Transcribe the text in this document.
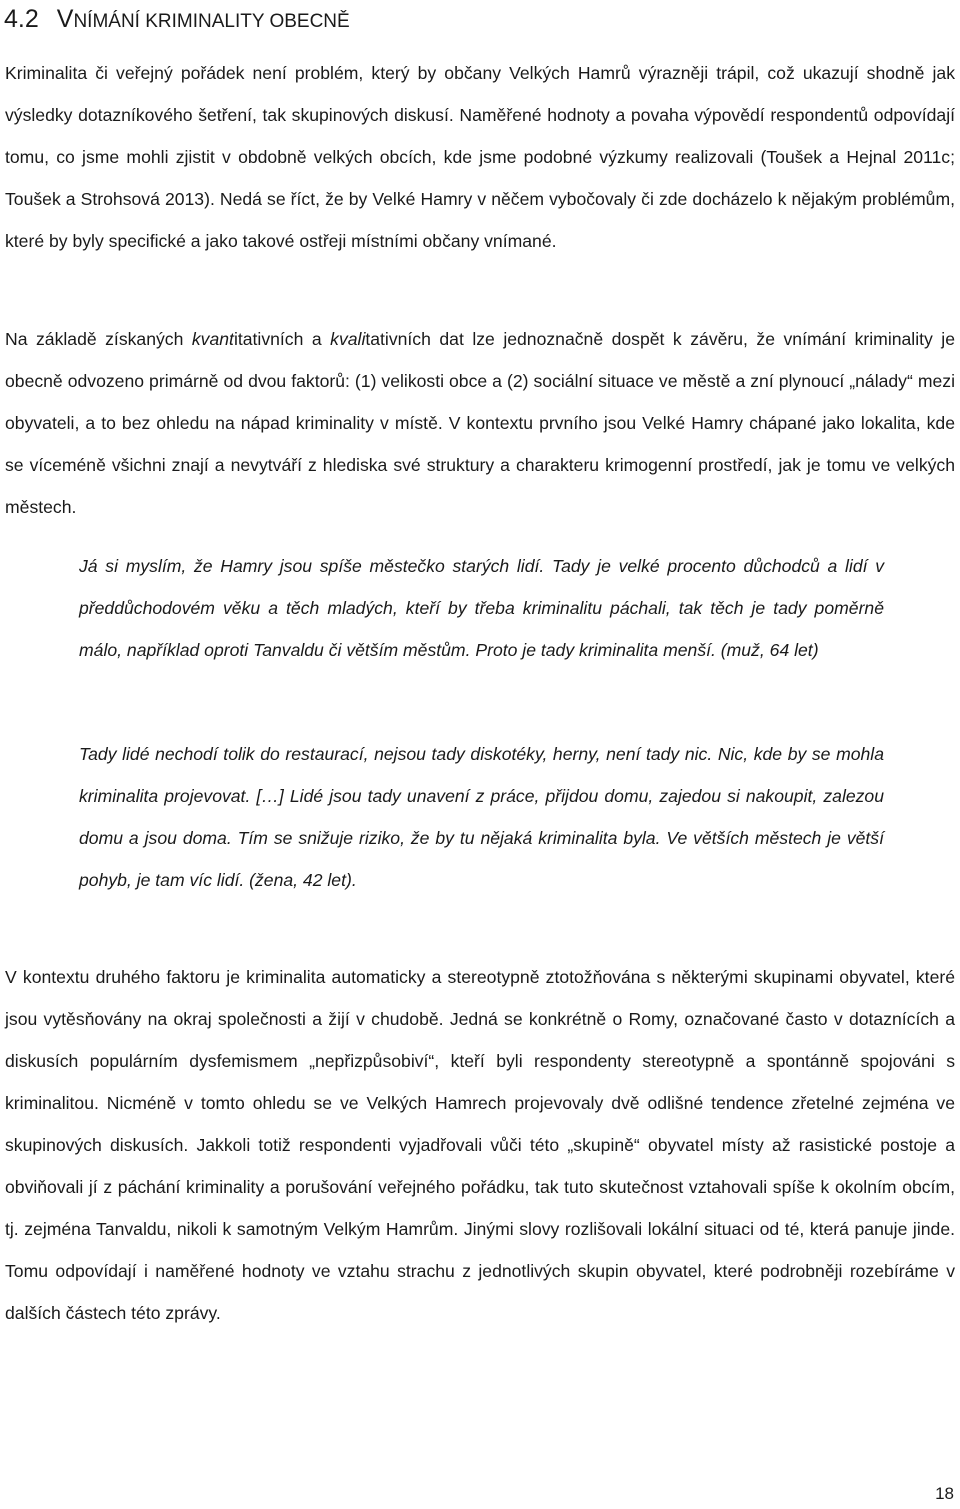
4.2 VNÍMÁNÍ KRIMINALITY OBECNĚ

Kriminalita či veřejný pořádek není problém, který by občany Velkých Hamrů výrazněji trápil, což ukazují shodně jak výsledky dotazníkového šetření, tak skupinových diskusí. Naměřené hodnoty a povaha výpovědí respondentů odpovídají tomu, co jsme mohli zjistit v obdobně velkých obcích, kde jsme podobné výzkumy realizovali (Toušek a Hejnal 2011c; Toušek a Strohsová 2013). Nedá se říct, že by Velké Hamry v něčem vybočovaly či zde docházelo k nějakým problémům, které by byly specifické a jako takové ostřeji místními občany vnímané.

Na základě získaných kvantitativních a kvalitativních dat lze jednoznačně dospět k závěru, že vnímání kriminality je obecně odvozeno primárně od dvou faktorů: (1) velikosti obce a (2) sociální situace ve městě a zní plynoucí „nálady“ mezi obyvateli, a to bez ohledu na nápad kriminality v místě. V kontextu prvního jsou Velké Hamry chápané jako lokalita, kde se víceméně všichni znají a nevytváří z hlediska své struktury a charakteru krimogenní prostředí, jak je tomu ve velkých městech.

Já si myslím, že Hamry jsou spíše městečko starých lidí. Tady je velké procento důchodců a lidí v předdůchodovém věku a těch mladých, kteří by třeba kriminalitu páchali, tak těch je tady poměrně málo, například oproti Tanvaldu či větším městům. Proto je tady kriminalita menší. (muž, 64 let)

Tady lidé nechodí tolik do restaurací, nejsou tady diskotéky, herny, není tady nic. Nic, kde by se mohla kriminalita projevovat. […] Lidé jsou tady unavení z práce, přijdou domu, zajedou si nakoupit, zalezou domu a jsou doma. Tím se snižuje riziko, že by tu nějaká kriminalita byla. Ve větších městech je větší pohyb, je tam víc lidí. (žena, 42 let).

V kontextu druhého faktoru je kriminalita automaticky a stereotypně ztotožňována s některými skupinami obyvatel, které jsou vytěsňovány na okraj společnosti a žijí v chudobě. Jedná se konkrétně o Romy, označované často v dotaznících a diskusích populárním dysfemismem „nepřizpůsobiví“, kteří byli respondenty stereotypně a spontánně spojováni s kriminalitou. Nicméně v tomto ohledu se ve Velkých Hamrech projevovaly dvě odlišné tendence zřetelné zejména ve skupinových diskusích. Jakkoli totiž respondenti vyjadřovali vůči této „skupině“ obyvatel místy až rasistické postoje a obviňovali jí z páchání kriminality a porušování veřejného pořádku, tak tuto skutečnost vztahovali spíše k okolním obcím, tj. zejména Tanvaldu, nikoli k samotným Velkým Hamrům. Jinými slovy rozlišovali lokální situaci od té, která panuje jinde. Tomu odpovídají i naměřené hodnoty ve vztahu strachu z jednotlivých skupin obyvatel, které podrobněji rozebíráme v dalších částech této zprávy.

18
